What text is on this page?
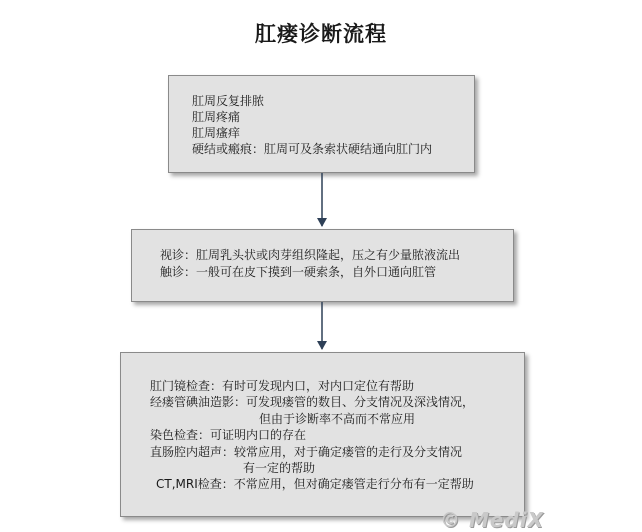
肛瘘诊断流程
肛周反复排脓
肛周疼痛
肛周瘙痒
硬结或瘢痕：肛周可及条索状硬结通向肛门内
视诊：肛周乳头状或肉芽组织隆起，压之有少量脓液流出
触诊：一般可在皮下摸到一硬索条，自外口通向肛管
肛门镜检查：有时可发现内口，对内口定位有帮助
经瘘管碘油造影：可发现瘘管的数目、分支情况及深浅情况，
但由于诊断率不高而不常应用
染色检查：可证明内口的存在
直肠腔内超声：较常应用，对于确定瘘管的走行及分支情况
有一定的帮助
CT,MRI检查：不常应用，但对确定瘘管走行分布有一定帮助
© MediX
